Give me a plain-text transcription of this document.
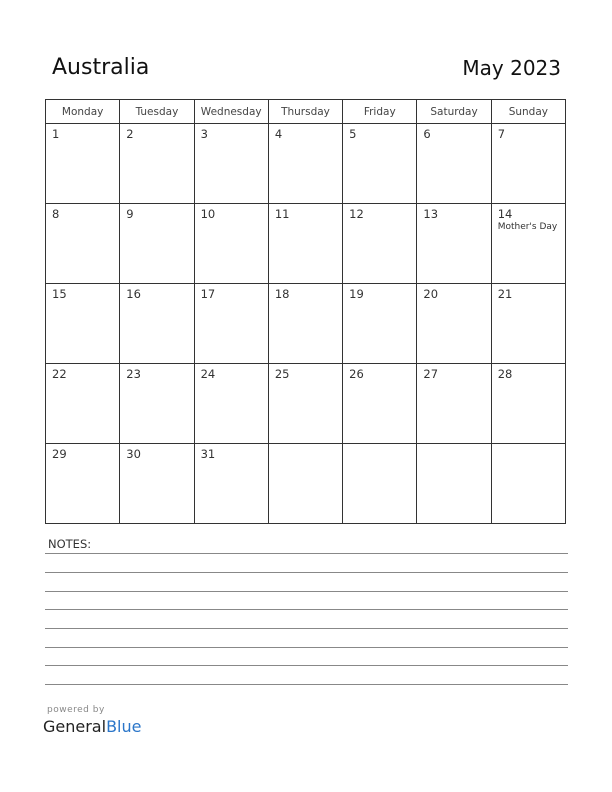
Australia	May 2023
Monday	Tuesday	Wednesday	Thursday	Friday	Saturday	Sunday

1	2	3	4	5	6	7

8	9	10	11	12	13	14
Mother's Day

15	16	17	18	19	20	21

22	23	24	25	26	27	28

29	30	31				

NOTES:
powered by
GeneralBlue
